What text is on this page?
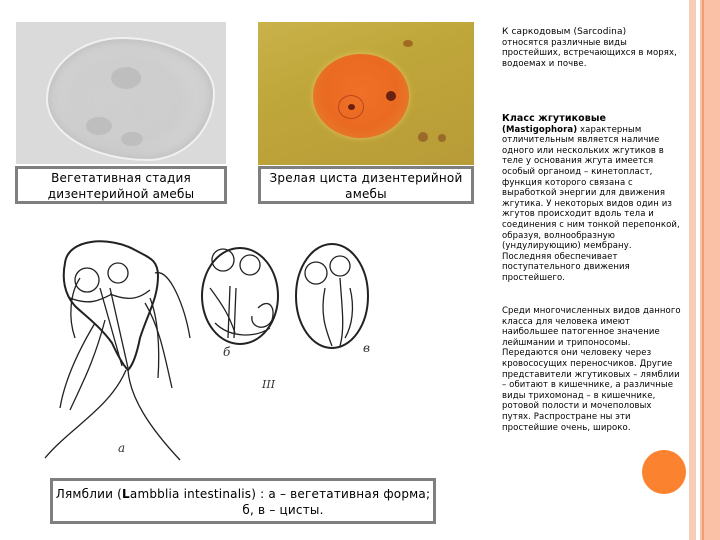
Вегетативная стадия
дизентерийной амебы
Зрелая циста дизентерийной
амебы
а
б	в
III
Лямблии (Lambblia intestinalis) : а – вегетативная форма;
б, в – цисты.
К саркодовым (Sarcodina)
относятся различные виды простейших, встречающихся в морях, водоемах и почве.
Класс жгутиковые
(Mastigophora) характерным отличительным является наличие одного или нескольких жгутиков в теле у основания жгута имеется особый органоид – кинетопласт, функция которого связана с выработкой энергии для движения жгутика. У некоторых видов один из жгутов происходит вдоль тела и соединения с ним тонкой перепонкой, образуя, волнообразную (ундулирующию) мембрану. Последняя обеспечивает поступательного движения простейшего.
Среди многочисленных видов данного класса для человека имеют наибольшее патогенное значение лейшмании и трипоносомы. Передаются они человеку через кровососущих переносчиков. Другие представители жгутиковых – лямблии – обитают в кишечнике, а различные виды трихомонад – в кишечнике, ротовой полости и мочеполовых путях. Распростране ны эти простейшие очень, широко.
